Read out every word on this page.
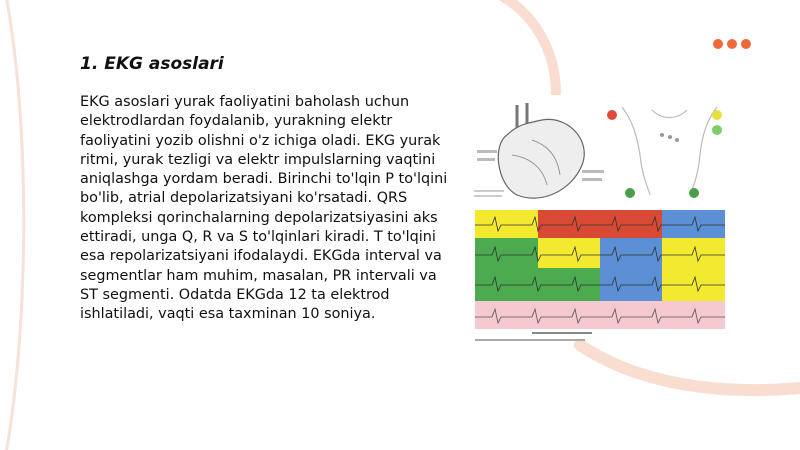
1. EKG asoslari

EKG asoslari yurak faoliyatini baholash uchun elektrodlardan foydalanib, yurakning elektr faoliyatini yozib olishni o'z ichiga oladi. EKG yurak ritmi, yurak tezligi va elektr impulslarning vaqtini aniqlashga yordam beradi. Birinchi to'lqin P to'lqini bo'lib, atrial depolarizatsiyani ko'rsatadi. QRS kompleksi qorinchalarning depolarizatsiyasini aks ettiradi, unga Q, R va S to'lqinlari kiradi. T to'lqini esa repolarizatsiyani ifodalaydi. EKGda interval va segmentlar ham muhim, masalan, PR intervali va ST segmenti. Odatda EKGda 12 ta elektrod ishlatiladi, vaqti esa taxminan 10 soniya.
